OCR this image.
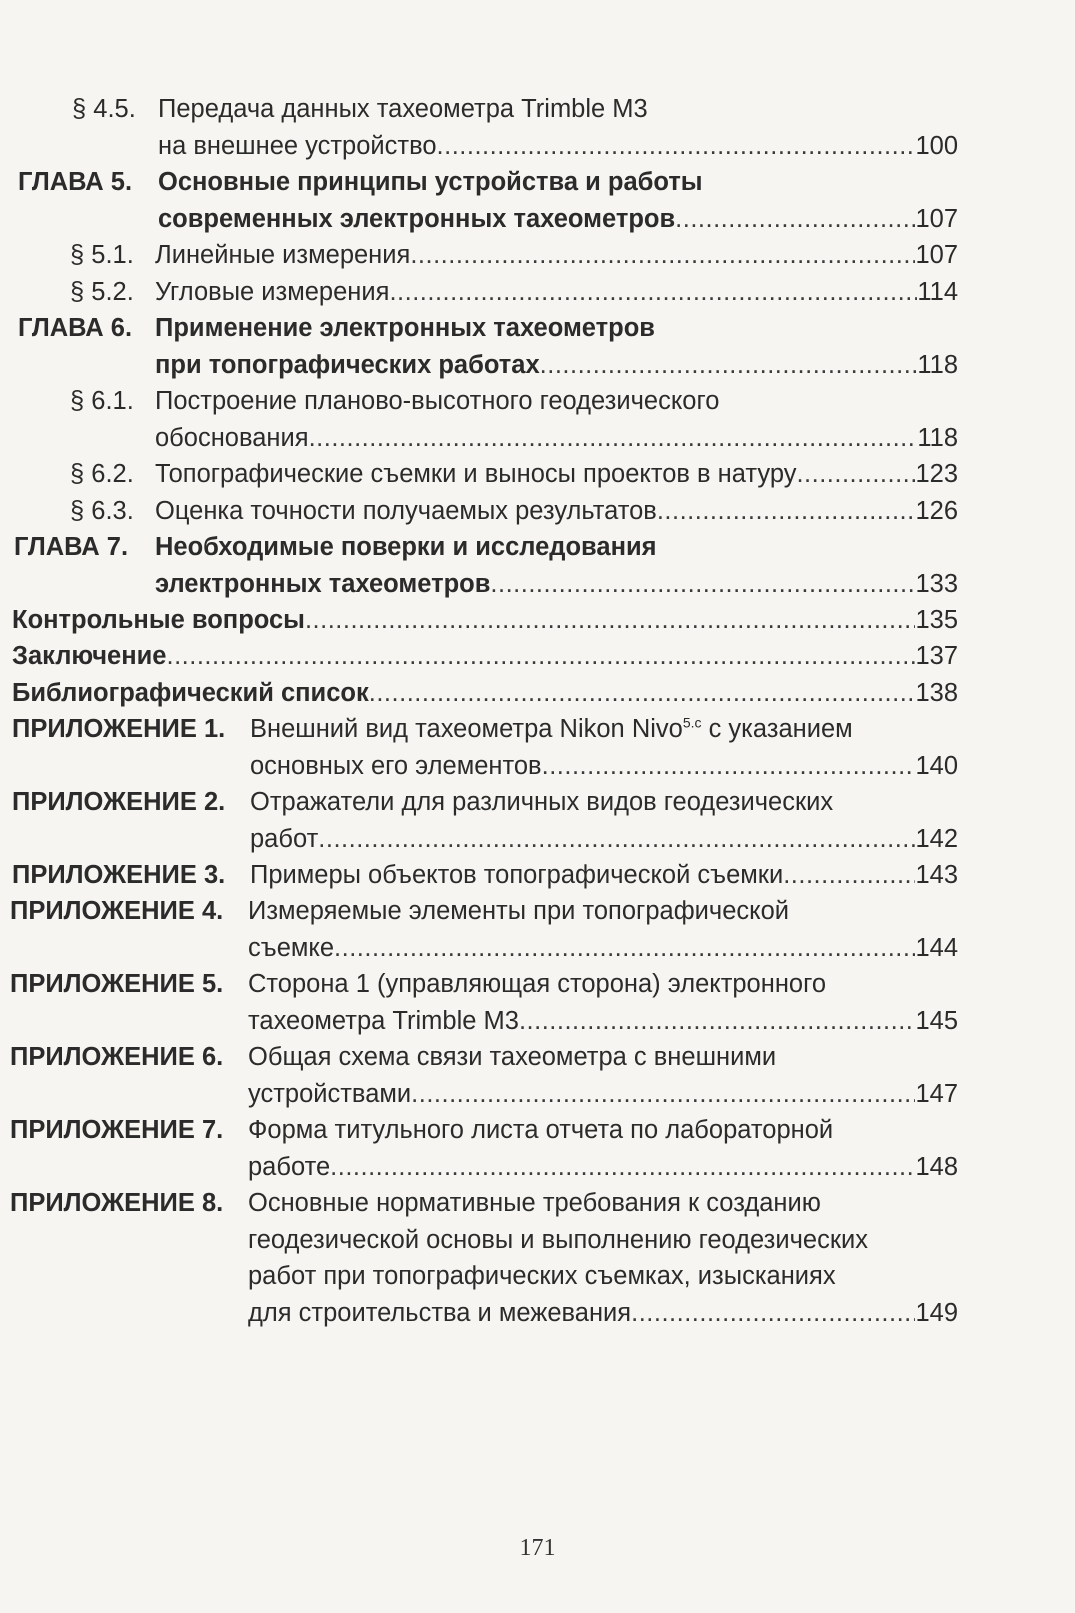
§ 4.5. Передача данных тахеометра Trimble M3
на внешнее устройство .....	100
ГЛАВА 5. Основные принципы устройства и работы
современных электронных тахеометров .....	107
§ 5.1. Линейные измерения .....	107
§ 5.2. Угловые измерения .....	114
ГЛАВА 6. Применение электронных тахеометров
при топографических работах .....	118
§ 6.1. Построение планово-высотного геодезического
обоснования .....	118
§ 6.2. Топографические съемки и выносы проектов в натуру .....	123
§ 6.3. Оценка точности получаемых результатов .....	126
ГЛАВА 7. Необходимые поверки и исследования
электронных тахеометров .....	133
Контрольные вопросы .....	135
Заключение .....	137
Библиографический список .....	138
ПРИЛОЖЕНИЕ 1. Внешний вид тахеометра Nikon Nivo$^{5.c}$ с указанием
основных его элементов .....	140
ПРИЛОЖЕНИЕ 2. Отражатели для различных видов геодезических
работ .....	142
ПРИЛОЖЕНИЕ 3. Примеры объектов топографической съемки .....	143
ПРИЛОЖЕНИЕ 4. Измеряемые элементы при топографической
съемке .....	144
ПРИЛОЖЕНИЕ 5. Сторона 1 (управляющая сторона) электронного
тахеометра Trimble M3 .....	145
ПРИЛОЖЕНИЕ 6. Общая схема связи тахеометра с внешними
устройствами .....	147
ПРИЛОЖЕНИЕ 7. Форма титульного листа отчета по лабораторной
работе .....	148
ПРИЛОЖЕНИЕ 8. Основные нормативные требования к созданию
геодезической основы и выполнению геодезических
работ при топографических съемках, изысканиях
для строительства и межевания .....	149
171
